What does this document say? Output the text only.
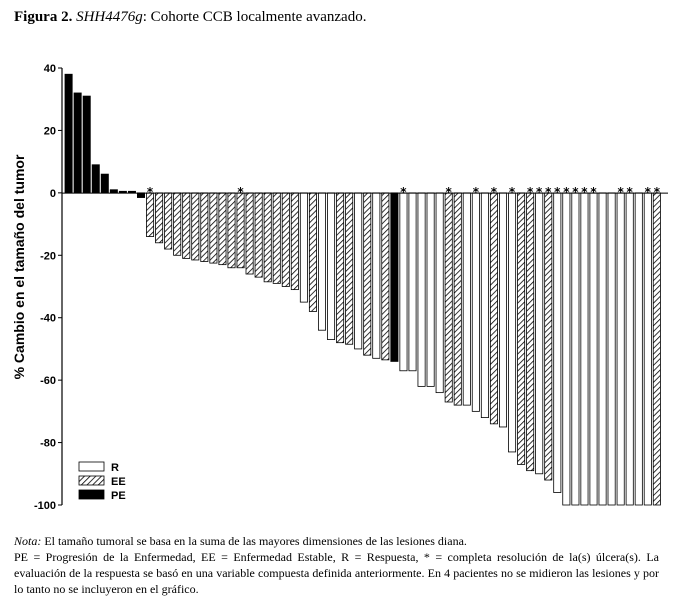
Figura 2. SHH4476g: Cohorte CCB localmente avanzado.
40
20
0
-20
-40
-60
-80
-100
*	*	*	* * * * * * * * * * * * * * * *
% Cambio en el tamaño del tumor
R
EE
PE

Nota: El tamaño tumoral se basa en la suma de las mayores dimensiones de las lesiones diana.

PE = Progresión de la Enfermedad, EE = Enfermedad Estable, R = Respuesta, * = completa resolución de la(s) úlcera(s). La evaluación de la respuesta se basó en una variable compuesta definida anteriormente. En 4 pacientes no se midieron las lesiones y por lo tanto no se incluyeron en el gráfico.
